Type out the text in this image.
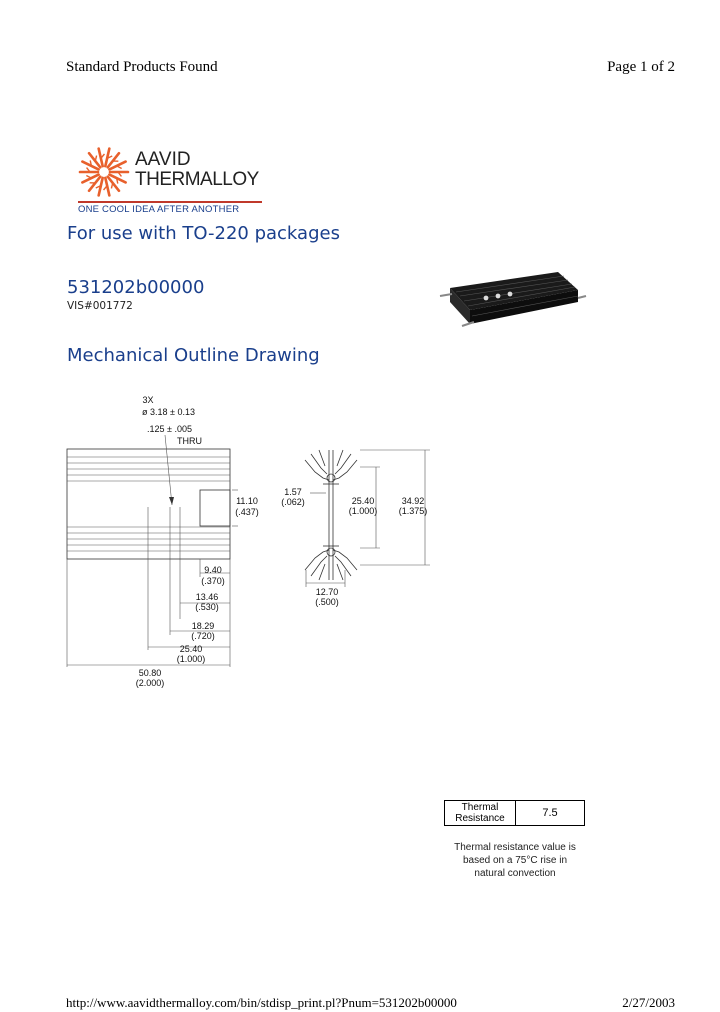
Standard Products Found	Page 1 of 2
AAVID
THERMALLOY
ONE COOL IDEA AFTER ANOTHER
For use with TO-220 packages
531202b00000
VIS#001772
Mechanical Outline Drawing
3X
ø 3.18 ± 0.13
.125 ± .005
THRU
11.10
(.437)
9.40
(.370)
13.46
(.530)
18.29
(.720)
25.40
(1.000)
50.80
(2.000)
1.57
(.062)	25.40
(1.000)
34.92
(1.375)
12.70
(.500)
Thermal
Resistance	7.5
Thermal resistance value is
based on a 75°C rise in
natural convection
http://www.aavidthermalloy.com/bin/stdisp_print.pl?Pnum=531202b00000	2/27/2003
